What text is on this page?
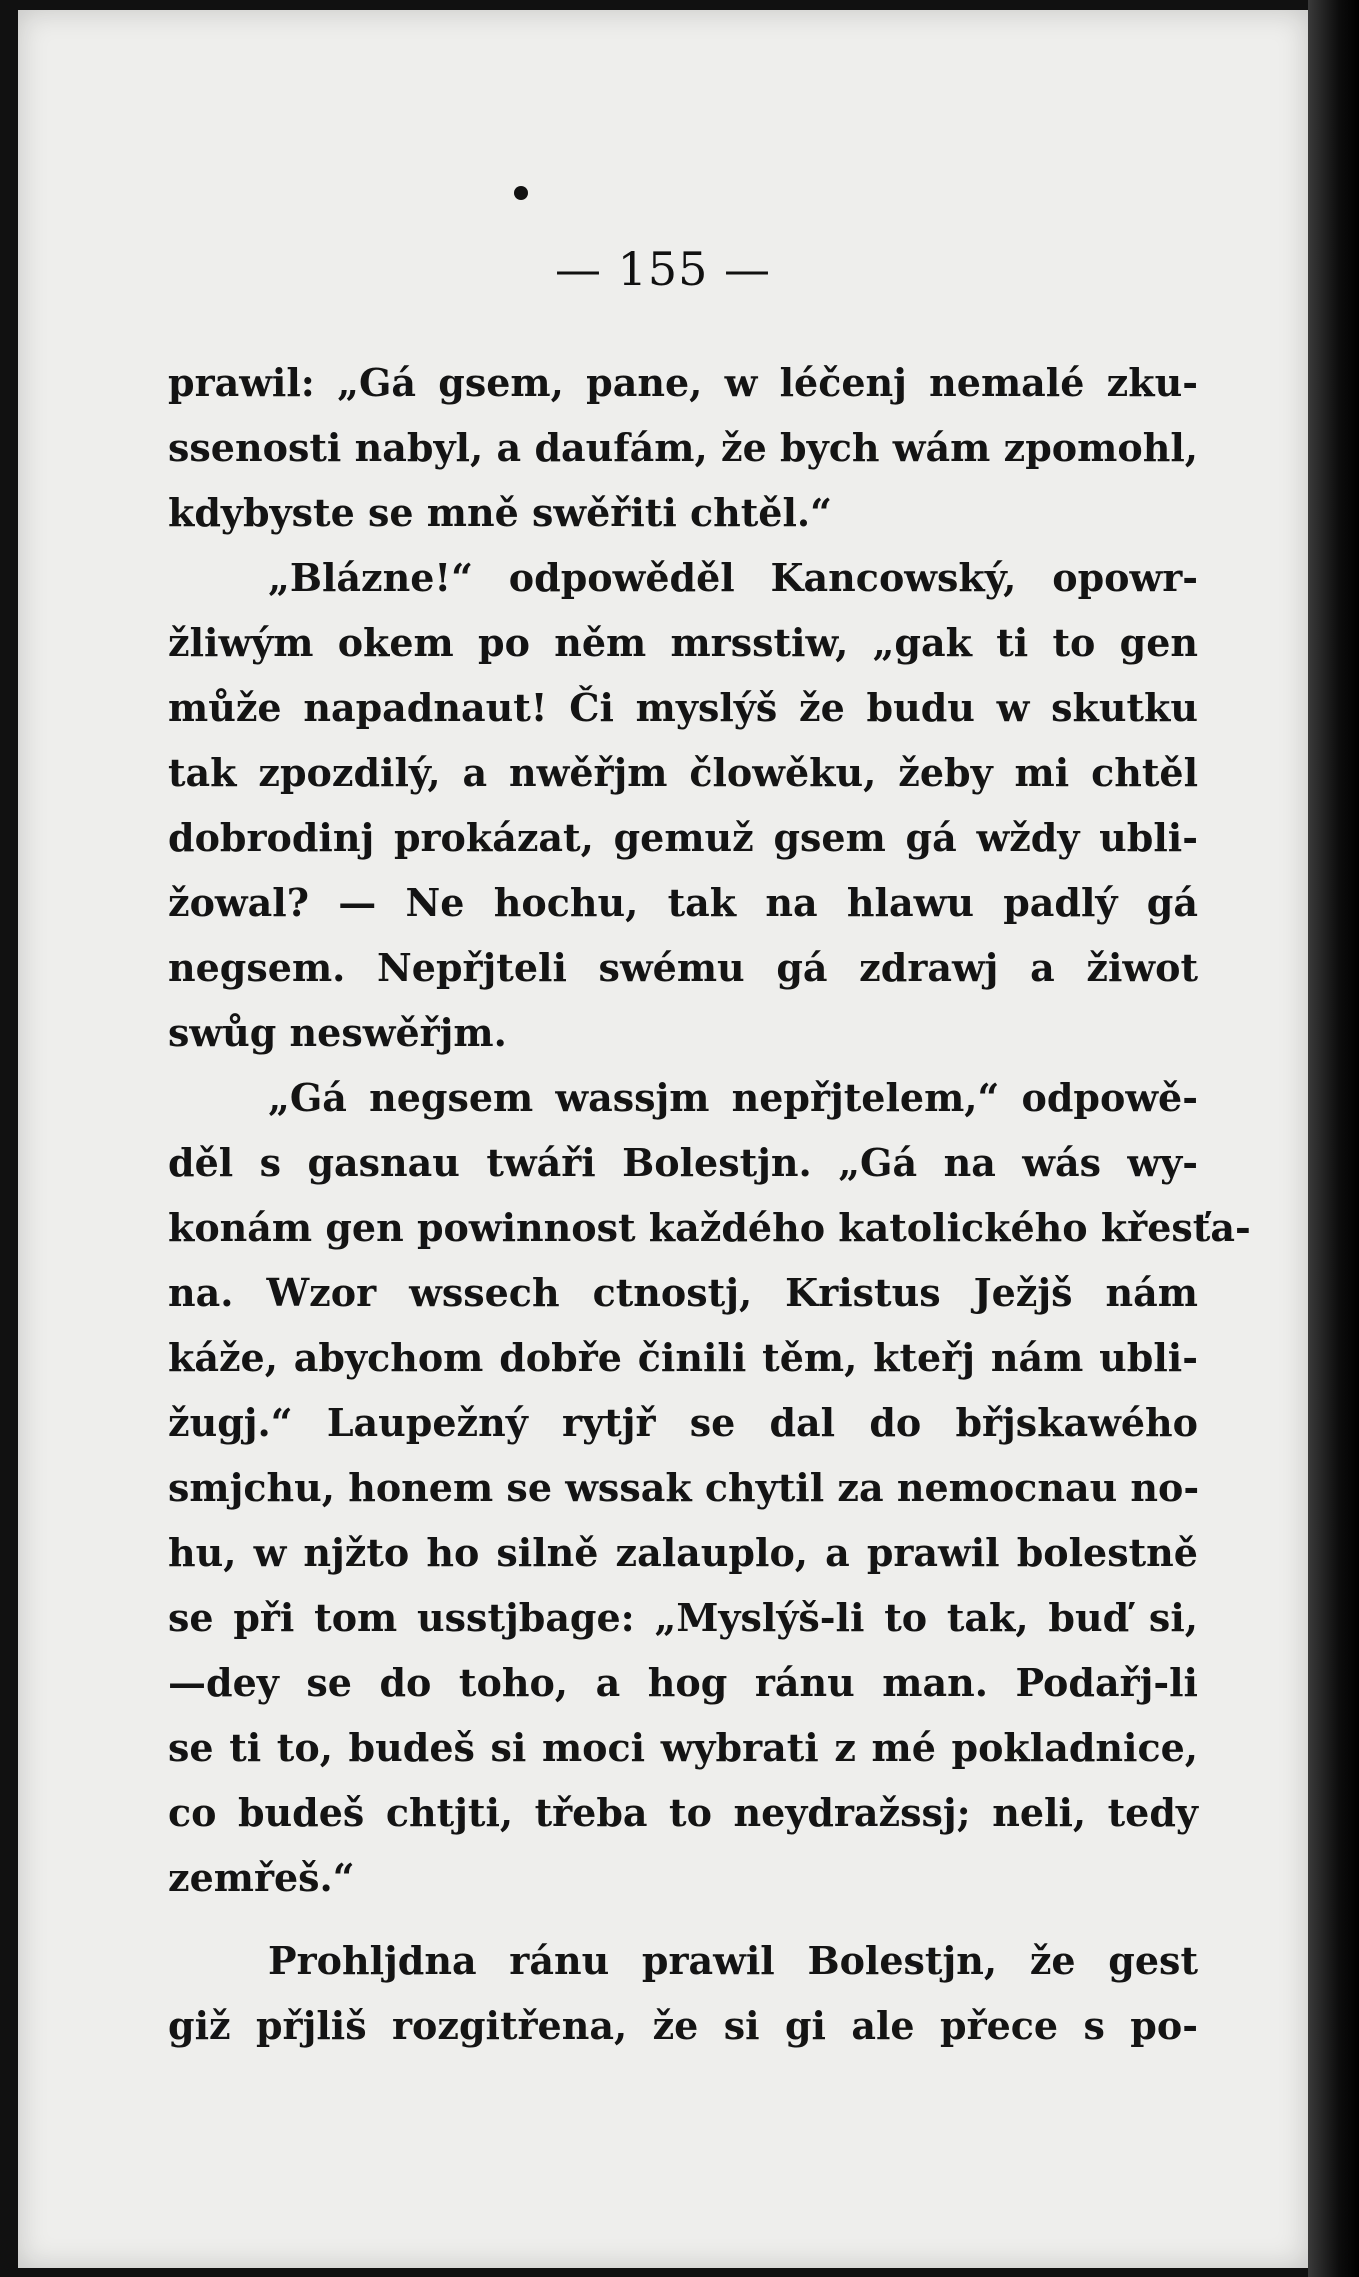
— 155 —
prawil: „Gá gsem, pane, w léčenj nemalé zku-
ssenosti nabyl, a daufám, že bych wám zpomohl,
kdybyste se mně swěřiti chtěl.“
„Blázne!“ odpowěděl Kancowský, opowr-
žliwým okem po něm mrsstiw, „gak ti to gen
může napadnaut! Či myslýš že budu w skutku
tak zpozdilý, a nwěřjm člowěku, žeby mi chtěl
dobrodinj prokázat, gemuž gsem gá wždy ubli-
žowal? — Ne hochu, tak na hlawu padlý gá
negsem. Nepřjteli swému gá zdrawj a žiwot
swůg neswěřjm.
„Gá negsem wassjm nepřjtelem,“ odpowě-
děl s gasnau twáři Bolestjn. „Gá na wás wy-
konám gen powinnost každého katolického křesťa-
na. Wzor wssech ctnostj, Kristus Ježjš nám
káže, abychom dobře činili těm, kteřj nám ubli-
žugj.“ Laupežný rytjř se dal do břjskawého
smjchu, honem se wssak chytil za nemocnau no-
hu, w njžto ho silně zalauplo, a prawil bolestně
se při tom usstjbage: „Myslýš-li to tak, buď si,
—dey se do toho, a hog ránu man. Podařj-li
se ti to, budeš si moci wybrati z mé pokladnice,
co budeš chtjti, třeba to neydražssj; neli, tedy
zemřeš.“
Prohljdna ránu prawil Bolestjn, že gest
giž přjliš rozgitřena, že si gi ale přece s po-
